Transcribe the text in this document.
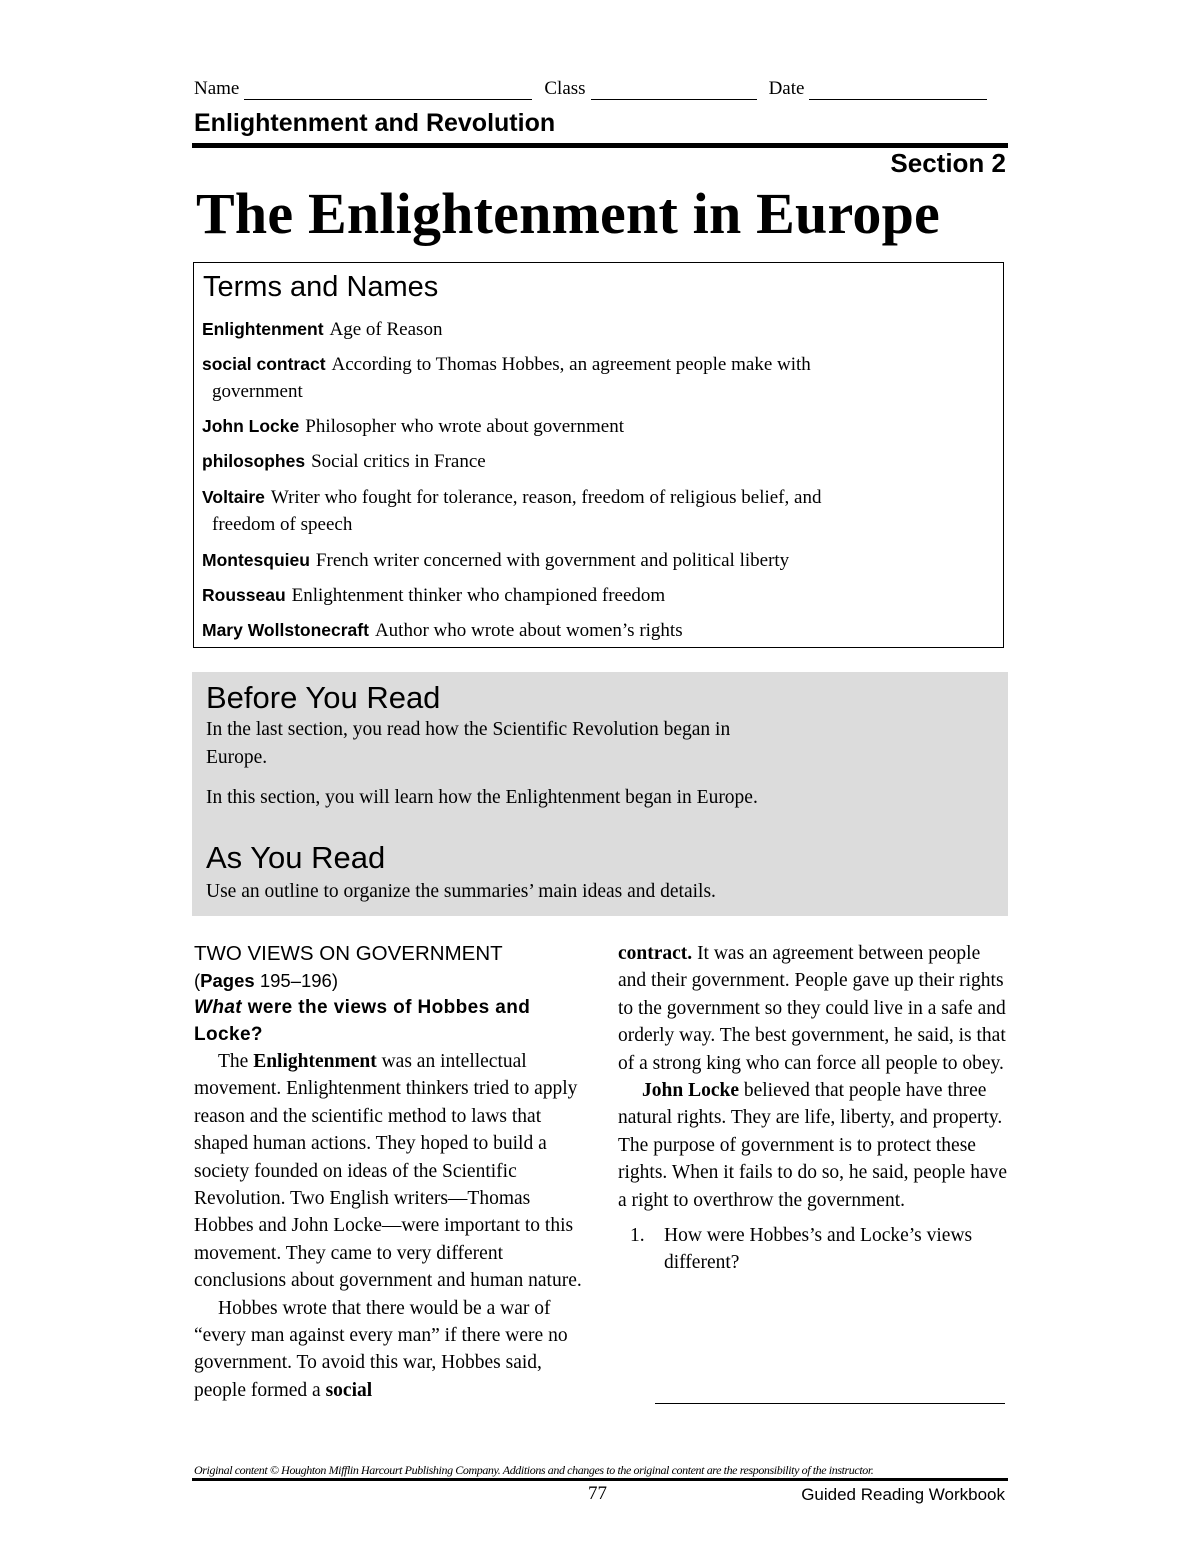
Name	Class	Date
Enlightenment and Revolution
Section 2
The Enlightenment in Europe
Terms and Names
Enlightenment Age of Reason
social contract According to Thomas Hobbes, an agreement people make with
government
John Locke Philosopher who wrote about government
philosophes Social critics in France
Voltaire Writer who fought for tolerance, reason, freedom of religious belief, and
freedom of speech
Montesquieu French writer concerned with government and political liberty
Rousseau Enlightenment thinker who championed freedom
Mary Wollstonecraft Author who wrote about women’s rights
Before You Read
In the last section, you read how the Scientific Revolution began in
Europe.
In this section, you will learn how the Enlightenment began in Europe.
As You Read
Use an outline to organize the summaries’ main ideas and details.
TWO VIEWS ON GOVERNMENT
(Pages 195–196)
What were the views of Hobbes and Locke?

The Enlightenment was an intellectual movement. Enlightenment thinkers tried to apply reason and the scientific method to laws that shaped human actions. They hoped to build a society founded on ideas of the Scientific Revolution. Two English writers—Thomas Hobbes and John Locke—were important to this movement. They came to very different conclusions about government and human nature.

Hobbes wrote that there would be a war of “every man against every man” if there were no government. To avoid this war, Hobbes said, people formed a social

contract. It was an agreement between people and their government. People gave up their rights to the government so they could live in a safe and orderly way. The best government, he said, is that of a strong king who can force all people to obey.

John Locke believed that people have three natural rights. They are life, liberty, and property. The purpose of government is to protect these rights. When it fails to do so, he said, people have a right to overthrow the government.

1. How were Hobbes’s and Locke’s views different?
Original content © Houghton Mifflin Harcourt Publishing Company. Additions and changes to the original content are the responsibility of the instructor.
77	Guided Reading Workbook
